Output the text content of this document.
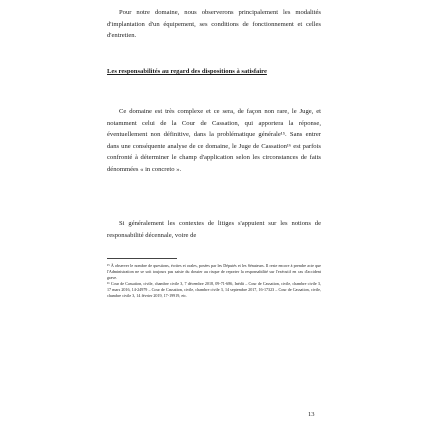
Pour notre domaine, nous observerons principalement les modalités d'implantation d'un équipement, ses conditions de fonctionnement et celles d'entretien.

Les responsabilités au regard des dispositions à satisfaire

Ce domaine est très complexe et ce sera, de façon non rare, le Juge, et notamment celui de la Cour de Cassation, qui apportera la réponse, éventuellement non définitive, dans la problématique générale¹⁵. Sans entrer dans une conséquente analyse de ce domaine, le Juge de Cassation¹⁶ est parfois confronté à déterminer le champ d'application selon les circonstances de faits dénommées « in concreto ».

Si généralement les contextes de litiges s'appuient sur les notions de responsabilité décennale, voire de

¹⁵ À observer le nombre de questions, écrites et orales, posées par les Députés et les Sénateurs. Il reste encore à prendre acte que l'Administration ne se soit toujours pas saisie du dossier au risque de reporter la responsabilité sur l'exécutif en cas d'accident grave.

¹⁶ Cour de Cassation, civile, chambre civile 3, 7 décembre 2018, 09-71-686, Inédit – Cour de Cassation, civile, chambre civile 3, 17 mars 2016, 14-24979 – Cour de Cassation, civile, chambre civile 3, 14 septembre 2017, 16-17323 – Cour de Cassation, civile, chambre civile 3, 14 février 2019, 17-19919, etc.

13
